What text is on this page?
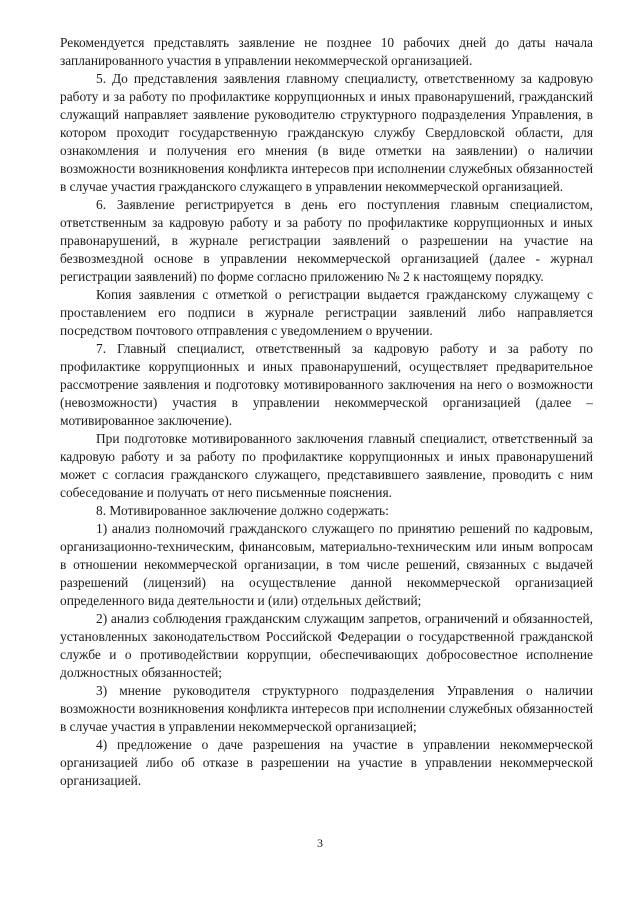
Рекомендуется представлять заявление не позднее 10 рабочих дней до даты начала запланированного участия в управлении некоммерческой организацией.

5. До представления заявления главному специалисту, ответственному за кадровую работу и за работу по профилактике коррупционных и иных правонарушений, гражданский служащий направляет заявление руководителю структурного подразделения Управления, в котором проходит государственную гражданскую службу Свердловской области, для ознакомления и получения его мнения (в виде отметки на заявлении) о наличии возможности возникновения конфликта интересов при исполнении служебных обязанностей в случае участия гражданского служащего в управлении некоммерческой организацией.

6. Заявление регистрируется в день его поступления главным специалистом, ответственным за кадровую работу и за работу по профилактике коррупционных и иных правонарушений, в журнале регистрации заявлений о разрешении на участие на безвозмездной основе в управлении некоммерческой организацией (далее - журнал регистрации заявлений) по форме согласно приложению № 2 к настоящему порядку.

Копия заявления с отметкой о регистрации выдается гражданскому служащему с проставлением его подписи в журнале регистрации заявлений либо направляется посредством почтового отправления с уведомлением о вручении.

7. Главный специалист, ответственный за кадровую работу и за работу по профилактике коррупционных и иных правонарушений, осуществляет предварительное рассмотрение заявления и подготовку мотивированного заключения на него о возможности (невозможности) участия в управлении некоммерческой организацией (далее – мотивированное заключение).

При подготовке мотивированного заключения главный специалист, ответственный за кадровую работу и за работу по профилактике коррупционных и иных правонарушений может с согласия гражданского служащего, представившего заявление, проводить с ним собеседование и получать от него письменные пояснения.

8. Мотивированное заключение должно содержать:

1) анализ полномочий гражданского служащего по принятию решений по кадровым, организационно-техническим, финансовым, материально-техническим или иным вопросам в отношении некоммерческой организации, в том числе решений, связанных с выдачей разрешений (лицензий) на осуществление данной некоммерческой организацией определенного вида деятельности и (или) отдельных действий;

2) анализ соблюдения гражданским служащим запретов, ограничений и обязанностей, установленных законодательством Российской Федерации о государственной гражданской службе и о противодействии коррупции, обеспечивающих добросовестное исполнение должностных обязанностей;

3) мнение руководителя структурного подразделения Управления о наличии возможности возникновения конфликта интересов при исполнении служебных обязанностей в случае участия в управлении некоммерческой организацией;

4) предложение о даче разрешения на участие в управлении некоммерческой организацией либо об отказе в разрешении на участие в управлении некоммерческой организацией.

3
